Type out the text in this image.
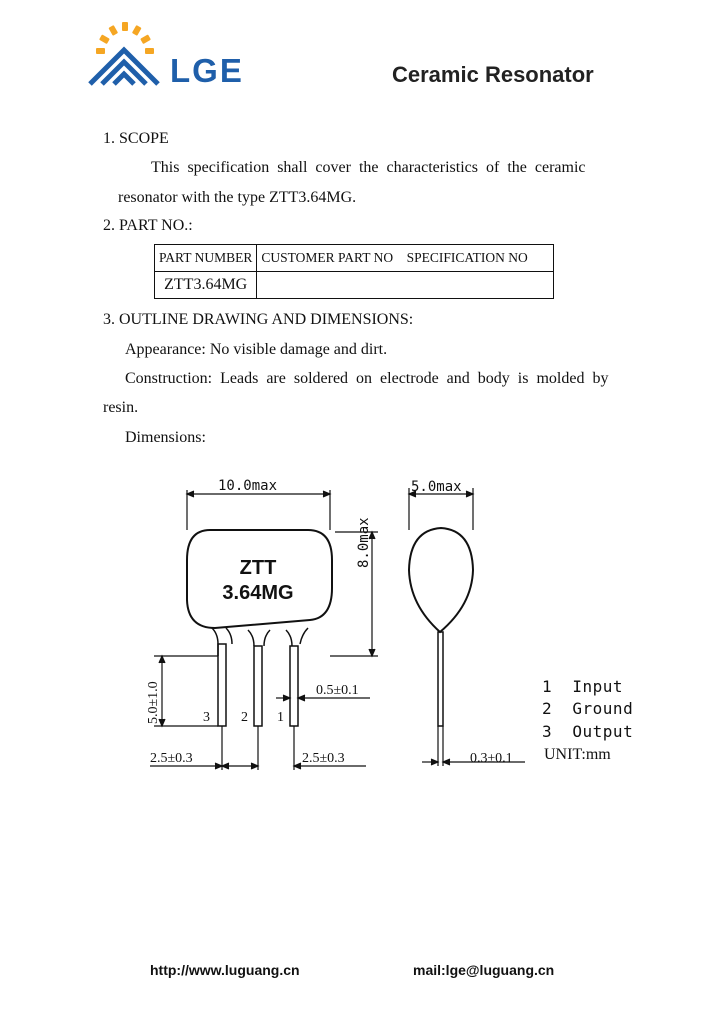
LGE	Ceramic Resonator
1. SCOPE
This  specification  shall  cover  the  characteristics  of  the  ceramic
resonator with the type ZTT3.64MG.
2. PART NO.:
PART NUMBER	CUSTOMER PART NO SPECIFICATION NO
ZTT3.64MG	
3. OUTLINE DRAWING AND DIMENSIONS:
Appearance: No visible damage and dirt.
Construction:  Leads  are  soldered  on  electrode  and  body  is  molded  by
resin.
Dimensions:
10.0max
ZTT
3.64MG
8.0max
5.0±1.0	0.5±0.1
3 2 1
2.5±0.3	2.5±0.3
5.0max
0.3±0.1
1  Input
2  Ground
3  Output
UNIT:mm
http://www.luguang.cn	mail:lge@luguang.cn
